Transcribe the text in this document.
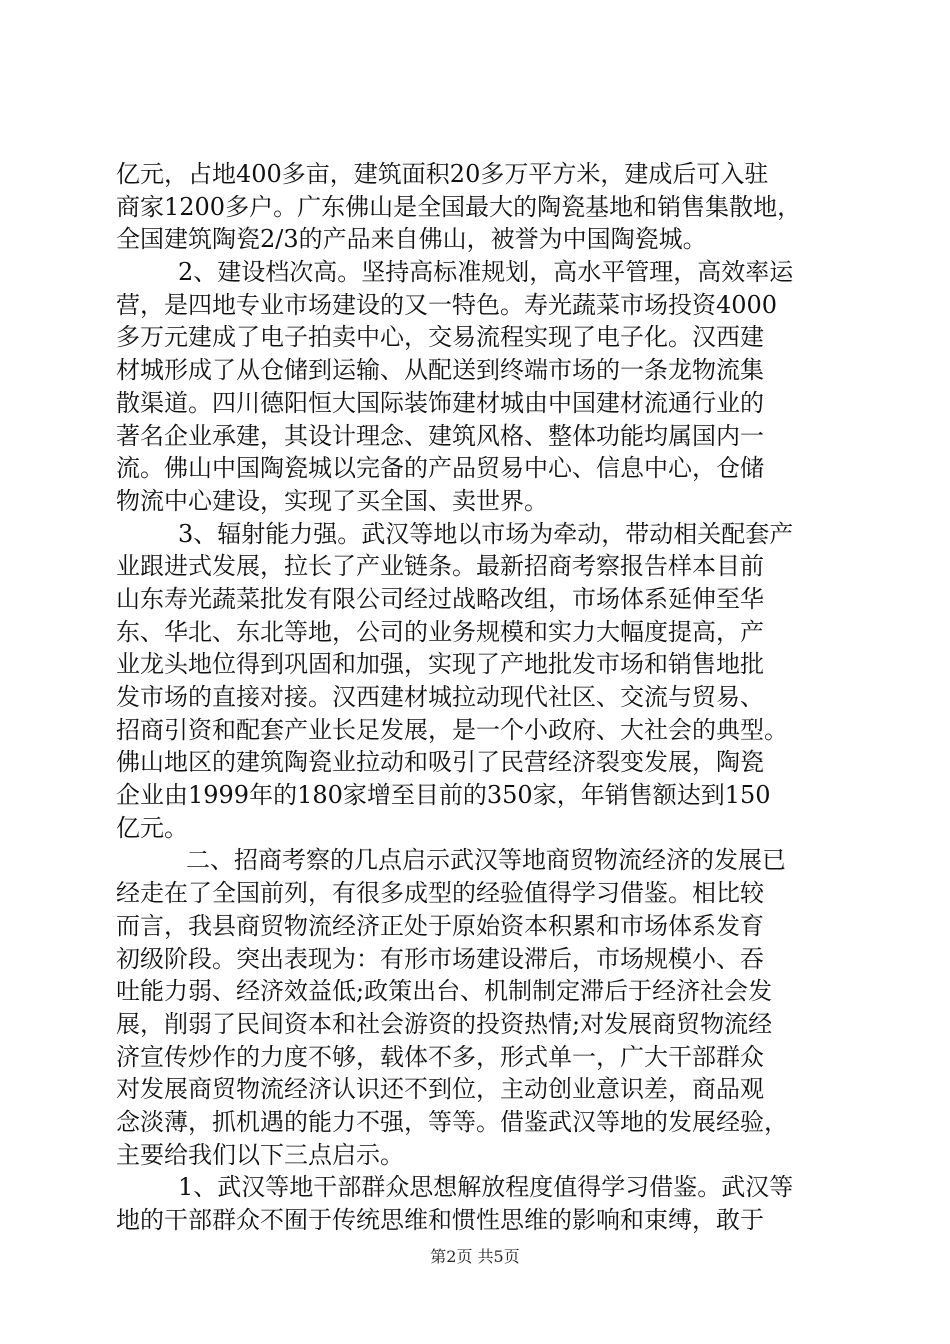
亿元，占地400多亩，建筑面积20多万平方米，建成后可入驻
商家1200多户。广东佛山是全国最大的陶瓷基地和销售集散地，
全国建筑陶瓷2/3的产品来自佛山，被誉为中国陶瓷城。
2、建设档次高。坚持高标准规划，高水平管理，高效率运
营，是四地专业市场建设的又一特色。寿光蔬菜市场投资4000
多万元建成了电子拍卖中心，交易流程实现了电子化。汉西建
材城形成了从仓储到运输、从配送到终端市场的一条龙物流集
散渠道。四川德阳恒大国际装饰建材城由中国建材流通行业的
著名企业承建，其设计理念、建筑风格、整体功能均属国内一
流。佛山中国陶瓷城以完备的产品贸易中心、信息中心，仓储
物流中心建设，实现了买全国、卖世界。
3、辐射能力强。武汉等地以市场为牵动，带动相关配套产
业跟进式发展，拉长了产业链条。最新招商考察报告样本目前
山东寿光蔬菜批发有限公司经过战略改组，市场体系延伸至华
东、华北、东北等地，公司的业务规模和实力大幅度提高，产
业龙头地位得到巩固和加强，实现了产地批发市场和销售地批
发市场的直接对接。汉西建材城拉动现代社区、交流与贸易、
招商引资和配套产业长足发展，是一个小政府、大社会的典型。
佛山地区的建筑陶瓷业拉动和吸引了民营经济裂变发展，陶瓷
企业由1999年的180家增至目前的350家，年销售额达到150
亿元。
二、招商考察的几点启示武汉等地商贸物流经济的发展已
经走在了全国前列，有很多成型的经验值得学习借鉴。相比较
而言，我县商贸物流经济正处于原始资本积累和市场体系发育
初级阶段。突出表现为：有形市场建设滞后，市场规模小、吞
吐能力弱、经济效益低;政策出台、机制制定滞后于经济社会发
展，削弱了民间资本和社会游资的投资热情;对发展商贸物流经
济宣传炒作的力度不够，载体不多，形式单一，广大干部群众
对发展商贸物流经济认识还不到位，主动创业意识差，商品观
念淡薄，抓机遇的能力不强，等等。借鉴武汉等地的发展经验，
主要给我们以下三点启示。
1、武汉等地干部群众思想解放程度值得学习借鉴。武汉等
地的干部群众不囿于传统思维和惯性思维的影响和束缚，敢于
第2页 共5页
